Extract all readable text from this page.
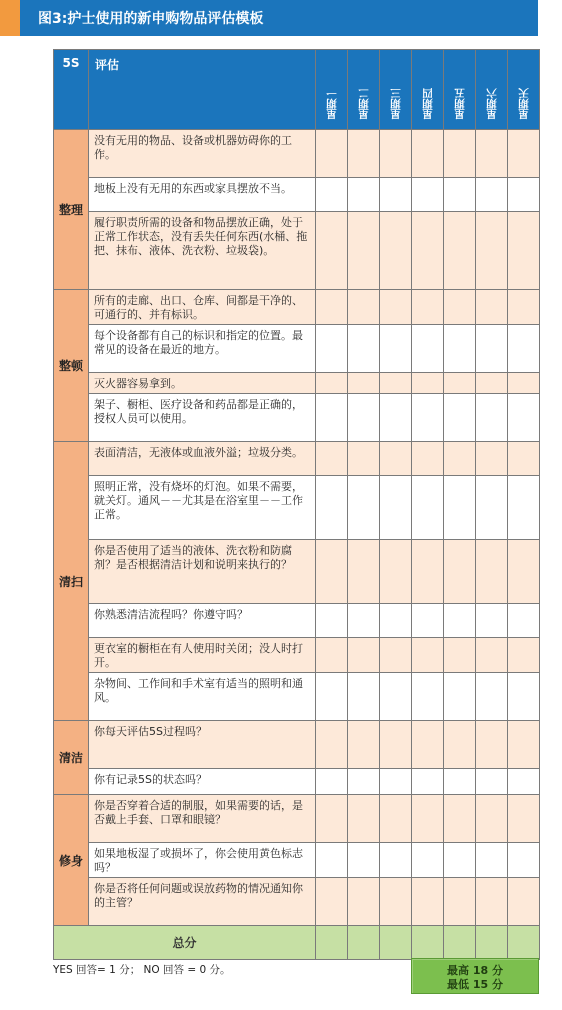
图3:护士使用的新申购物品评估模板
5S	评估	星期一	星期二	星期三	星期四	星期五	星期六	星期天
整理	没有无用的物品、设备或机器妨碍你的工作。							
	地板上没有无用的东西或家具摆放不当。							
	履行职责所需的设备和物品摆放正确，处于正常工作状态，没有丢失任何东西(水桶、拖把、抹布、液体、洗衣粉、垃圾袋)。							
整顿	所有的走廊、出口、仓库、间都是干净的、可通行的、并有标识。							
	每个设备都有自己的标识和指定的位置。最常见的设备在最近的地方。							
	灭火器容易拿到。							
	架子、橱柜、医疗设备和药品都是正确的，授权人员可以使用。							
清扫	表面清洁，无液体或血液外溢；垃圾分类。							
	照明正常，没有烧坏的灯泡。如果不需要，就关灯。通风－－尤其是在浴室里－－工作正常。							
	你是否使用了适当的液体、洗衣粉和防腐剂？是否根据清洁计划和说明来执行的？							
	你熟悉清洁流程吗？你遵守吗？							
	更衣室的橱柜在有人使用时关闭；没人时打开。							
	杂物间、工作间和手术室有适当的照明和通风。							
清洁	你每天评估5S过程吗？							
	你有记录5S的状态吗？							
修身	你是否穿着合适的制服，如果需要的话，是否戴上手套、口罩和眼镜？							
	如果地板湿了或损坏了，你会使用黄色标志吗？							
	你是否将任何问题或误放药物的情况通知你的主管？							
总分								
YES 回答= 1 分； NO 回答 = 0 分。	最高 18 分
最低 15 分
